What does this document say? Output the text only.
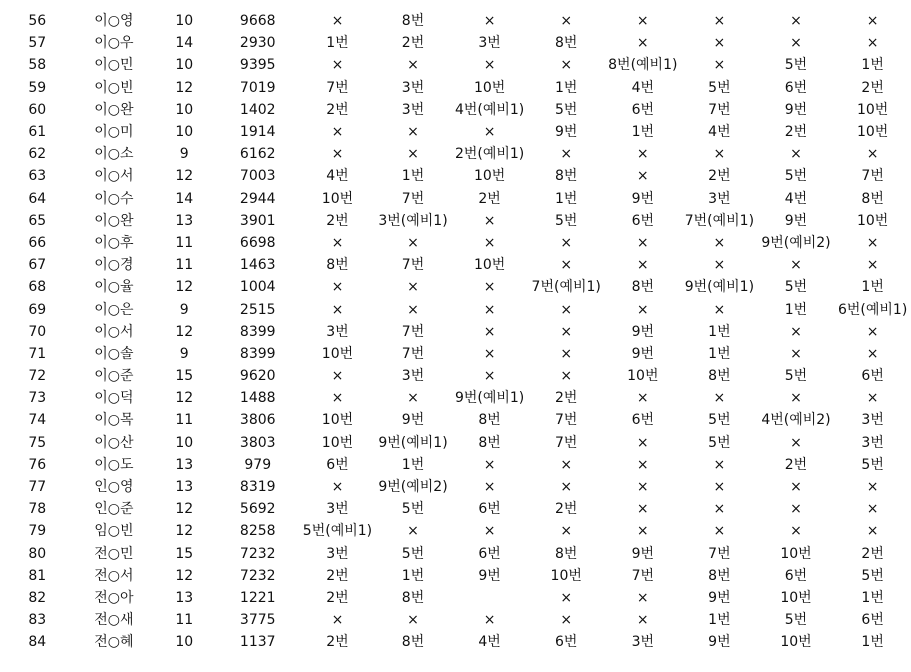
56	이○영	10	9668	×	8번	×	×	×	×	×	×
57	이○우	14	2930	1번	2번	3번	8번	×	×	×	×
58	이○민	10	9395	×	×	×	×	8번(예비1)	×	5번	1번
59	이○빈	12	7019	7번	3번	10번	1번	4번	5번	6번	2번
60	이○완	10	1402	2번	3번	4번(예비1)	5번	6번	7번	9번	10번
61	이○미	10	1914	×	×	×	9번	1번	4번	2번	10번
62	이○소	9	6162	×	×	2번(예비1)	×	×	×	×	×
63	이○서	12	7003	4번	1번	10번	8번	×	2번	5번	7번
64	이○수	14	2944	10번	7번	2번	1번	9번	3번	4번	8번
65	이○완	13	3901	2번	3번(예비1)	×	5번	6번	7번(예비1)	9번	10번
66	이○후	11	6698	×	×	×	×	×	×	9번(예비2)	×
67	이○경	11	1463	8번	7번	10번	×	×	×	×	×
68	이○율	12	1004	×	×	×	7번(예비1)	8번	9번(예비1)	5번	1번
69	이○은	9	2515	×	×	×	×	×	×	1번	6번(예비1)
70	이○서	12	8399	3번	7번	×	×	9번	1번	×	×
71	이○솔	9	8399	10번	7번	×	×	9번	1번	×	×
72	이○준	15	9620	×	3번	×	×	10번	8번	5번	6번
73	이○덕	12	1488	×	×	9번(예비1)	2번	×	×	×	×
74	이○목	11	3806	10번	9번	8번	7번	6번	5번	4번(예비2)	3번
75	이○산	10	3803	10번	9번(예비1)	8번	7번	×	5번	×	3번
76	이○도	13	979	6번	1번	×	×	×	×	2번	5번
77	인○영	13	8319	×	9번(예비2)	×	×	×	×	×	×
78	인○준	12	5692	3번	5번	6번	2번	×	×	×	×
79	임○빈	12	8258	5번(예비1)	×	×	×	×	×	×	×
80	전○민	15	7232	3번	5번	6번	8번	9번	7번	10번	2번
81	전○서	12	7232	2번	1번	9번	10번	7번	8번	6번	5번
82	전○아	13	1221	2번	8번		×	×	9번	10번	1번
83	전○새	11	3775	×	×	×	×	×	1번	5번	6번
84	전○혜	10	1137	2번	8번	4번	6번	3번	9번	10번	1번
